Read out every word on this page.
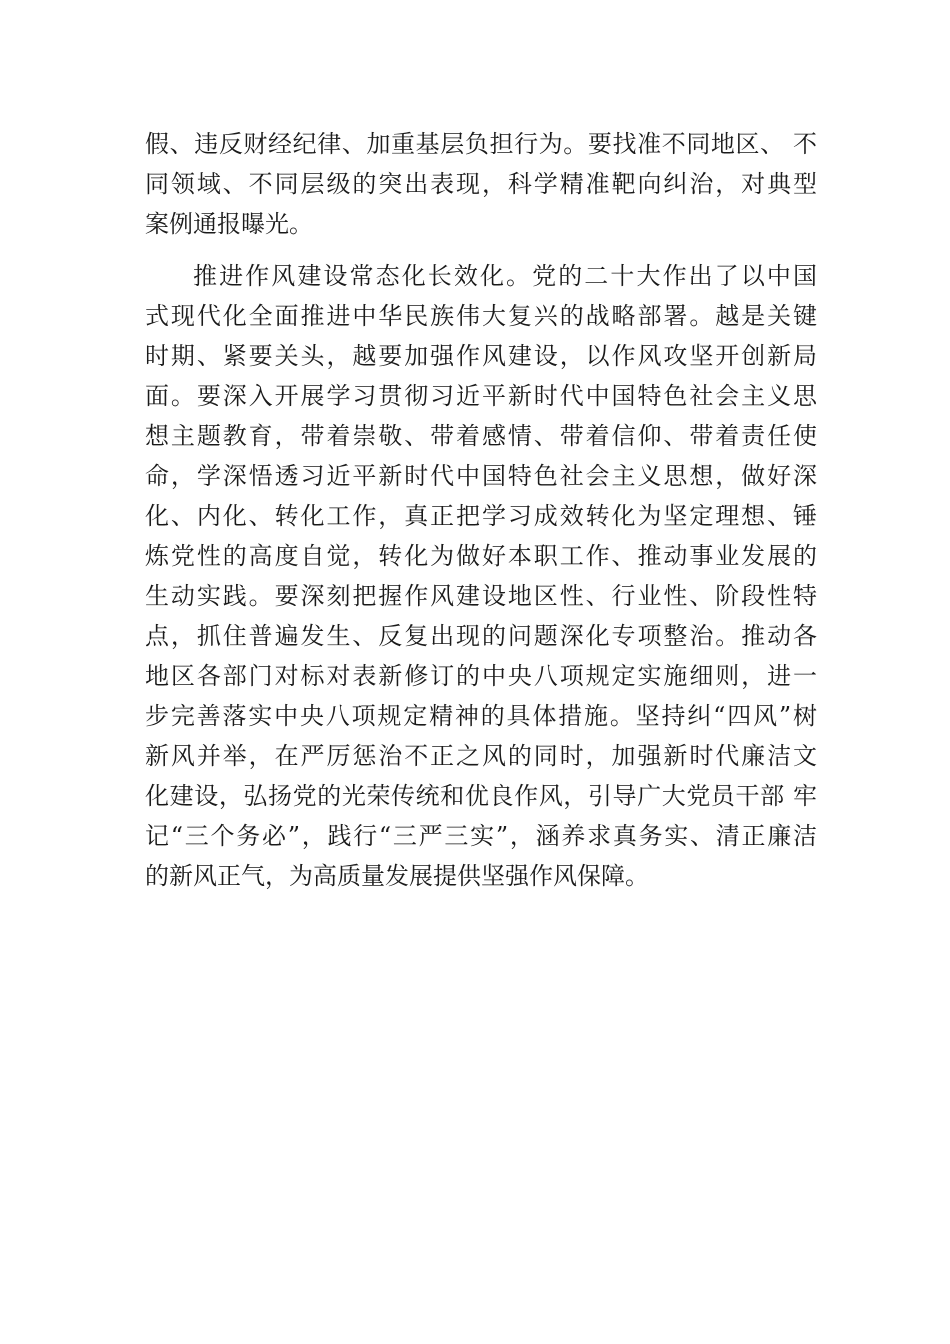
假、违反财经纪律、加重基层负担行为。要找准不同地区、 不
同领域、不同层级的突出表现，科学精准靶向纠治，对典型
案例通报曝光。
推进作风建设常态化长效化。党的二十大作出了以中国
式现代化全面推进中华民族伟大复兴的战略部署。越是关键
时期、紧要关头，越要加强作风建设，以作风攻坚开创新局
面。要深入开展学习贯彻习近平新时代中国特色社会主义思
想主题教育，带着崇敬、带着感情、带着信仰、带着责任使
命，学深悟透习近平新时代中国特色社会主义思想，做好深
化、内化、转化工作，真正把学习成效转化为坚定理想、锤
炼党性的高度自觉，转化为做好本职工作、推动事业发展的
生动实践。要深刻把握作风建设地区性、行业性、阶段性特
点，抓住普遍发生、反复出现的问题深化专项整治。推动各
地区各部门对标对表新修订的中央八项规定实施细则，进一
步完善落实中央八项规定精神的具体措施。坚持纠“四风”树
新风并举，在严厉惩治不正之风的同时，加强新时代廉洁文
化建设，弘扬党的光荣传统和优良作风，引导广大党员干部 牢
记“三个务必”，践行“三严三实”，涵养求真务实、清正廉洁
的新风正气，为高质量发展提供坚强作风保障。
